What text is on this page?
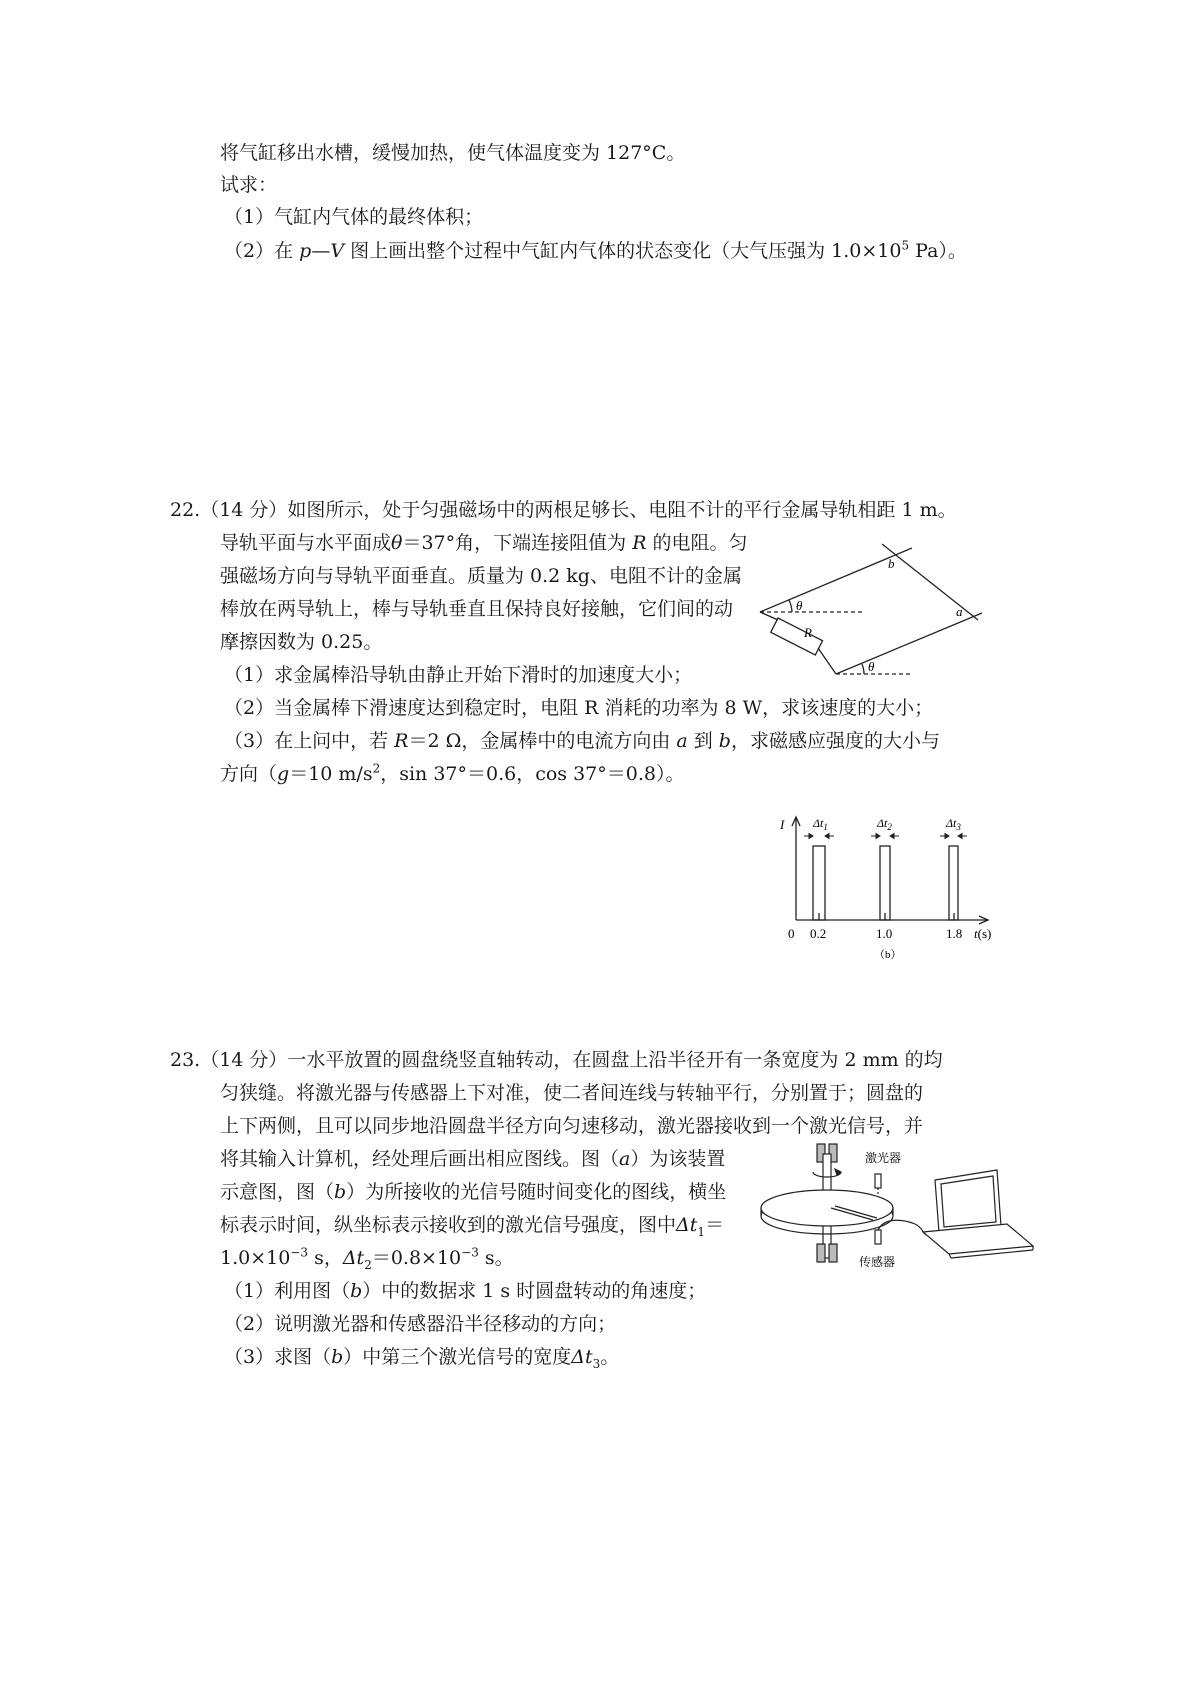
将气缸移出水槽，缓慢加热，使气体温度变为 127°C。
试求：
（1）气缸内气体的最终体积；
（2）在 p—V 图上画出整个过程中气缸内气体的状态变化（大气压强为 $1.0\times 10^5$ Pa）。
22.（14 分）如图所示，处于匀强磁场中的两根足够长、电阻不计的平行金属导轨相距 1 m。
导轨平面与水平面成θ＝37°角，下端连接阻值为 R 的电阻。匀
强磁场方向与导轨平面垂直。质量为 0.2 kg、电阻不计的金属
棒放在两导轨上，棒与导轨垂直且保持良好接触，它们间的动
摩擦因数为 0.25。
（1）求金属棒沿导轨由静止开始下滑时的加速度大小；
（2）当金属棒下滑速度达到稳定时，电阻 R 消耗的功率为 8 W，求该速度的大小；
（3）在上问中，若 R＝2 Ω，金属棒中的电流方向由 a 到 b，求磁感应强度的大小与
方向（g＝10 $m/s^2$，sin 37°＝0.6，cos 37°＝0.8）。
b
a
θ
θ
R
I $\Delta t_1$	$\Delta t_2$	$\Delta t_3$
0 0.2	1.0	1.8 t(s)
（b）
23.（14 分）一水平放置的圆盘绕竖直轴转动，在圆盘上沿半径开有一条宽度为 2 mm 的均
匀狭缝。将激光器与传感器上下对准，使二者间连线与转轴平行，分别置于；圆盘的
上下两侧，且可以同步地沿圆盘半径方向匀速移动，激光器接收到一个激光信号，并
将其输入计算机，经处理后画出相应图线。图（a）为该装置
示意图，图（b）为所接收的光信号随时间变化的图线，横坐
标表示时间，纵坐标表示接收到的激光信号强度，图中$\Delta t_1=$
$1.0\times 10^{-3}$ s，$\Delta t_2=0.8\times 10^{-3}$ s。
（1）利用图（b）中的数据求 1 s 时圆盘转动的角速度；
（2）说明激光器和传感器沿半径移动的方向；
（3）求图（b）中第三个激光信号的宽度$\Delta t_3$。
激光器
传感器
